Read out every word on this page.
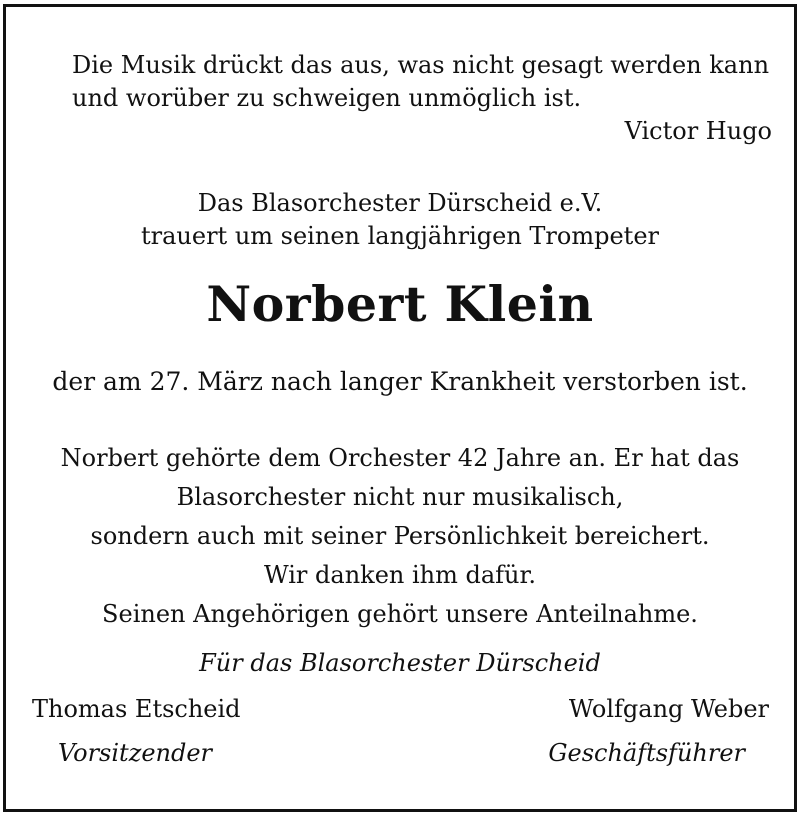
Die Musik drückt das aus, was nicht gesagt werden kann
und worüber zu schweigen unmöglich ist.
Victor Hugo
Das Blasorchester Dürscheid e.V.
trauert um seinen langjährigen Trompeter
Norbert Klein
der am 27. März nach langer Krankheit verstorben ist.
Norbert gehörte dem Orchester 42 Jahre an. Er hat das
Blasorchester nicht nur musikalisch,
sondern auch mit seiner Persönlichkeit bereichert.
Wir danken ihm dafür.
Seinen Angehörigen gehört unsere Anteilnahme.
Für das Blasorchester Dürscheid
Thomas Etscheid
Vorsitzender
Wolfgang Weber
Geschäftsführer
